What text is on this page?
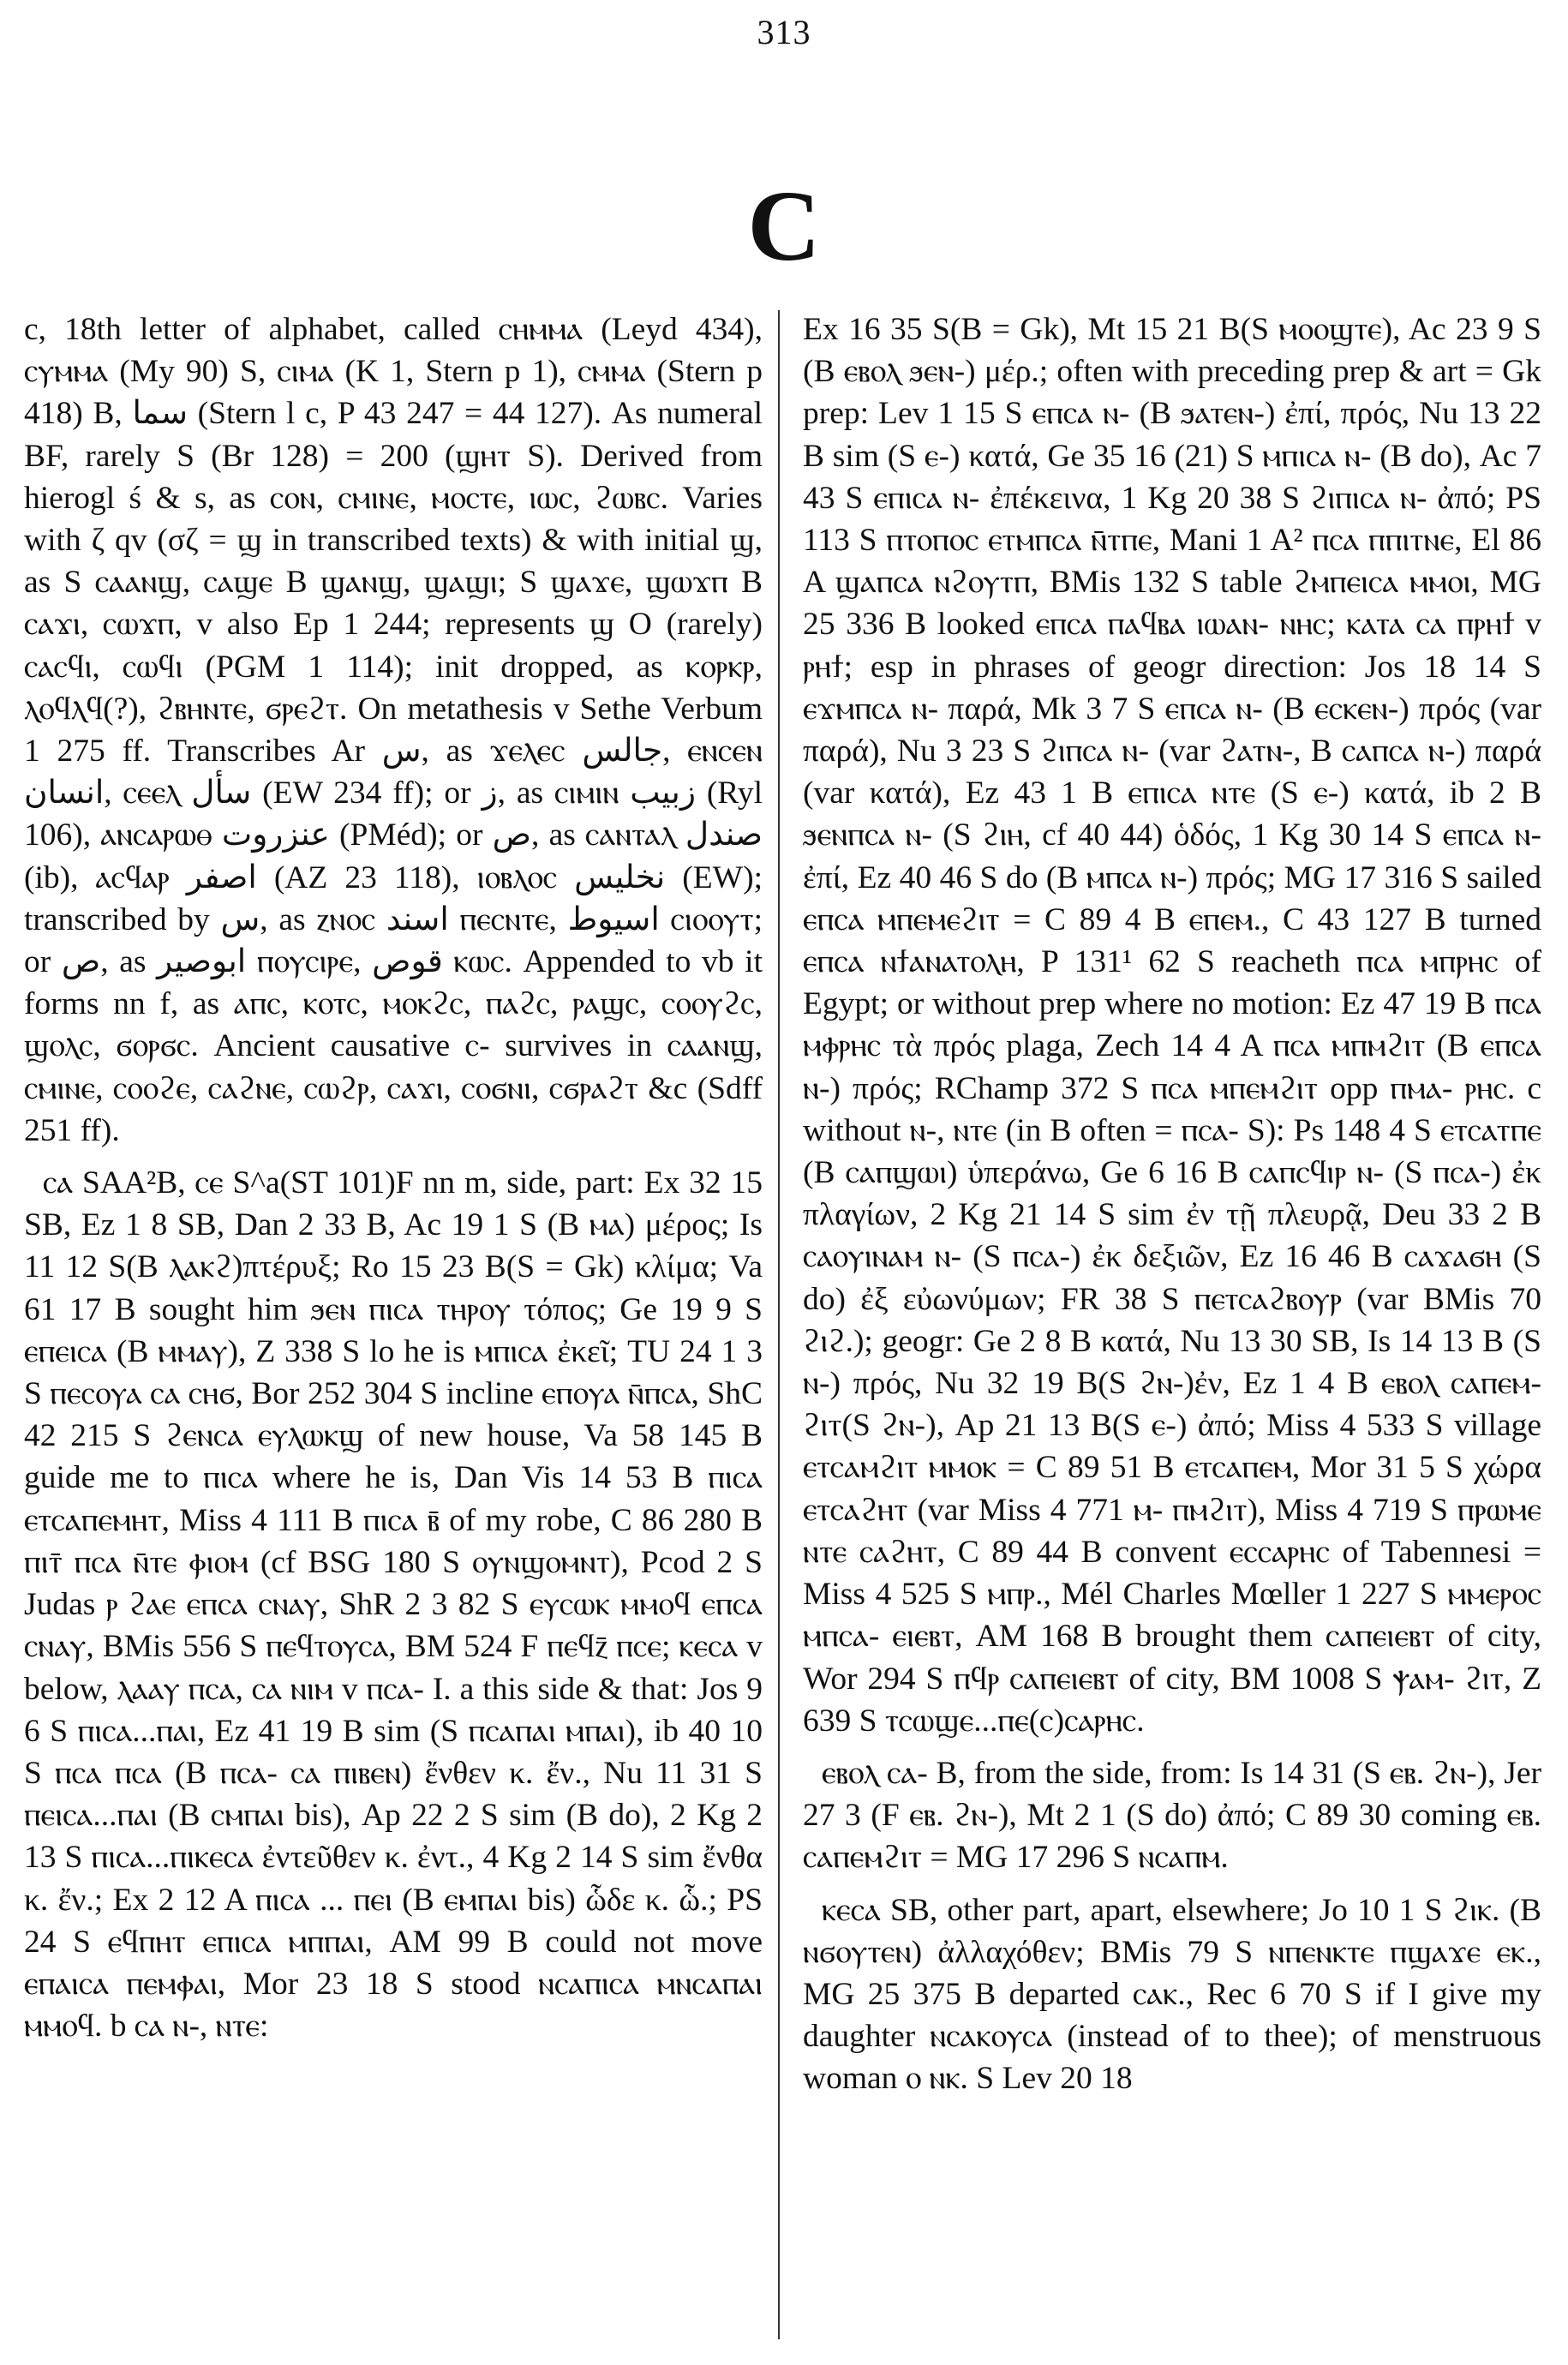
313
C

c, 18th letter of alphabet, called ⲥⲏⲙⲙⲁ (Leyd 434), ⲥⲩⲙⲙⲁ (My 90) S, ⲥⲓⲙⲁ (K 1, Stern p 1), ⲥⲙⲙⲁ (Stern p 418) B, ﺳﻤﺎ (Stern l c, P 43 247 = 44 127). As numeral BF, rarely S (Br 128) = 200 (ϣⲏⲧ S). Derived from hierogl ś & s, as ⲥⲟⲛ, ⲥⲙⲓⲛⲉ, ⲙⲟⲥⲧⲉ, ⲓⲱⲥ, ϩⲱⲃⲥ. Varies with ζ qv (σζ = ϣ in transcribed texts) & with initial ϣ, as S ⲥⲁⲁⲛϣ, ⲥⲁϣⲉ B ϣⲁⲛϣ, ϣⲁϣⲓ; S ϣⲁϫⲉ, ϣⲱϫⲡ B ⲥⲁϫⲓ, ⲥⲱϫⲡ, v also Ep 1 244; represents ϣ O (rarely) ⲥⲁⲥϥⲓ, ⲥⲱϥⲓ (PGM 1 114); init dropped, as ⲕⲟⲣⲕⲣ, ⲗⲟϥⲗϥ(?), ϩⲃⲏⲛⲧⲉ, ϭⲣⲉϩⲧ. On metathesis v Sethe Verbum 1 275 ff. Transcribes Ar س, as ϫⲉⲗⲉⲥ جالس, ⲉⲛⲥⲉⲛ انسان, ⲥⲉⲉⲗ سأل (EW 234 ff); or ز, as ⲥⲓⲙⲓⲛ زبيب (Ryl 106), ⲁⲛⲥⲁⲣⲱⲑ عنزروت (PMéd); or ص, as ⲥⲁⲛⲧⲁⲗ صندل (ib), ⲁⲥϥⲁⲣ اصفر (AZ 23 118), ⲓⲟⲃⲗⲟⲥ نخليس (EW); transcribed by س, as ⲍⲛⲟⲥ اسند ⲡⲉⲥⲛⲧⲉ, اسيوط ⲥⲓⲟⲟⲩⲧ; or ص, as ابوصير ⲡⲟⲩⲥⲓⲣⲉ, قوص ⲕⲱⲥ. Appended to vb it forms nn f, as ⲁⲡⲥ, ⲕⲟⲧⲥ, ⲙⲟⲕϩⲥ, ⲡⲁϩⲥ, ⲣⲁϣⲥ, ⲥⲟⲟⲩϩⲥ, ϣⲟⲗⲥ, ϭⲟⲣϭⲥ. Ancient causative ⲥ- survives in ⲥⲁⲁⲛϣ, ⲥⲙⲓⲛⲉ, ⲥⲟⲟϩⲉ, ⲥⲁϩⲛⲉ, ⲥⲱϩⲣ, ⲥⲁϫⲓ, ⲥⲟϭⲛⲓ, ⲥϭⲣⲁϩⲧ &c (Sdff 251 ff).

ⲥⲁ SAA²B, ⲥⲉ S^a(ST 101)F nn m, side, part: Ex 32 15 SB, Ez 1 8 SB, Dan 2 33 B, Ac 19 1 S (B ⲙⲁ) μέρος; Is 11 12 S(B ⲗⲁⲕϩ)πτέρυξ; Ro 15 23 B(S = Gk) κλίμα; Va 61 17 B sought him ϧⲉⲛ ⲡⲓⲥⲁ ⲧⲏⲣⲟⲩ τόπος; Ge 19 9 S ⲉⲡⲉⲓⲥⲁ (B ⲙⲙⲁⲩ), Z 338 S lo he is ⲙⲡⲓⲥⲁ ἐκεῖ; TU 24 1 3 S ⲡⲉⲥⲟⲩⲁ ⲥⲁ ⲥⲏϭ, Bor 252 304 S incline ⲉⲡⲟⲩⲁ ⲛ̄ⲡⲥⲁ, ShC 42 215 S ϩⲉⲛⲥⲁ ⲉⲩⲗⲱⲕϣ of new house, Va 58 145 B guide me to ⲡⲓⲥⲁ where he is, Dan Vis 14 53 B ⲡⲓⲥⲁ ⲉⲧⲥⲁⲡⲉⲙⲏⲧ, Miss 4 111 B ⲡⲓⲥⲁ ⲃ̄ of my robe, C 86 280 B ⲡⲓⲧ̄ ⲡⲥⲁ ⲛ̄ⲧⲉ ⲫⲓⲟⲙ (cf BSG 180 S ⲟⲩⲛϣⲟⲙⲛⲧ), Pcod 2 S Judas ⲣ ϩⲁⲉ ⲉⲡⲥⲁ ⲥⲛⲁⲩ, ShR 2 3 82 S ⲉⲩⲥⲱⲕ ⲙⲙⲟϥ ⲉⲡⲥⲁ ⲥⲛⲁⲩ, BMis 556 S ⲡⲉϥⲧⲟⲩⲥⲁ, BM 524 F ⲡⲉϥⲍ̄ ⲡⲥⲉ; ⲕⲉⲥⲁ v below, ⲗⲁⲁⲩ ⲡⲥⲁ, ⲥⲁ ⲛⲓⲙ v ⲡⲥⲁ- I. a this side & that: Jos 9 6 S ⲡⲓⲥⲁ...ⲡⲁⲓ, Ez 41 19 B sim (S ⲡⲥⲁⲡⲁⲓ ⲙⲡⲁⲓ), ib 40 10 S ⲡⲥⲁ ⲡⲥⲁ (B ⲡⲥⲁ- ⲥⲁ ⲡⲓⲃⲉⲛ) ἔνθεν κ. ἔν., Nu 11 31 S ⲡⲉⲓⲥⲁ...ⲡⲁⲓ (B ⲥⲙⲡⲁⲓ bis), Ap 22 2 S sim (B do), 2 Kg 2 13 S ⲡⲓⲥⲁ...ⲡⲓⲕⲉⲥⲁ ἐντεῦθεν κ. ἐντ., 4 Kg 2 14 S sim ἔνθα κ. ἔν.; Ex 2 12 A ⲡⲓⲥⲁ ... ⲡⲉⲓ (B ⲉⲙⲡⲁⲓ bis) ὧδε κ. ὧ.; PS 24 S ⲉϥⲡⲏⲧ ⲉⲡⲓⲥⲁ ⲙⲡⲡⲁⲓ, AM 99 B could not move ⲉⲡⲁⲓⲥⲁ ⲡⲉⲙⲫⲁⲓ, Mor 23 18 S stood ⲛⲥⲁⲡⲓⲥⲁ ⲙⲛⲥⲁⲡⲁⲓ ⲙⲙⲟϥ. b ⲥⲁ ⲛ-, ⲛⲧⲉ:

Ex 16 35 S(B = Gk), Mt 15 21 B(S ⲙⲟⲟϣⲧⲉ), Ac 23 9 S (B ⲉⲃⲟⲗ ϧⲉⲛ-) μέρ.; often with preceding prep & art = Gk prep: Lev 1 15 S ⲉⲡⲥⲁ ⲛ- (B ϧⲁⲧⲉⲛ-) ἐπί, πρός, Nu 13 22 B sim (S ⲉ-) κατά, Ge 35 16 (21) S ⲙⲡⲓⲥⲁ ⲛ- (B do), Ac 7 43 S ⲉⲡⲓⲥⲁ ⲛ- ἐπέκεινα, 1 Kg 20 38 S ϩⲓⲡⲓⲥⲁ ⲛ- ἀπό; PS 113 S ⲡⲧⲟⲡⲟⲥ ⲉⲧⲙⲡⲥⲁ ⲛ̄ⲧⲡⲉ, Mani 1 A² ⲡⲥⲁ ⲡⲡⲓⲧⲛⲉ, El 86 A ϣⲁⲡⲥⲁ ⲛϩⲟⲩⲧⲡ, BMis 132 S table ϩⲙⲡⲉⲓⲥⲁ ⲙⲙⲟⲓ, MG 25 336 B looked ⲉⲡⲥⲁ ⲡⲁϥⲃⲁ ⲓⲱⲁⲛ- ⲛⲏⲥ; ⲕⲁⲧⲁ ⲥⲁ ⲡⲣⲏϯ v ⲣⲏϯ; esp in phrases of geogr direction: Jos 18 14 S ⲉϫⲙⲡⲥⲁ ⲛ- παρά, Mk 3 7 S ⲉⲡⲥⲁ ⲛ- (B ⲉⲥⲕⲉⲛ-) πρός (var παρά), Nu 3 23 S ϩⲓⲡⲥⲁ ⲛ- (var ϩⲁⲧⲛ-, B ⲥⲁⲡⲥⲁ ⲛ-) παρά (var κατά), Ez 43 1 B ⲉⲡⲓⲥⲁ ⲛⲧⲉ (S ⲉ-) κατά, ib 2 B ϧⲉⲛⲡⲥⲁ ⲛ- (S ϩⲓⲏ, cf 40 44) ὁδός, 1 Kg 30 14 S ⲉⲡⲥⲁ ⲛ- ἐπί, Ez 40 46 S do (B ⲙⲡⲥⲁ ⲛ-) πρός; MG 17 316 S sailed ⲉⲡⲥⲁ ⲙⲡⲉⲙⲉϩⲓⲧ = C 89 4 B ⲉⲡⲉⲙ., C 43 127 B turned ⲉⲡⲥⲁ ⲛϯⲁⲛⲁⲧⲟⲗⲏ, P 131¹ 62 S reacheth ⲡⲥⲁ ⲙⲡⲣⲏⲥ of Egypt; or without prep where no motion: Ez 47 19 B ⲡⲥⲁ ⲙⲫⲣⲏⲥ τὰ πρός plaga, Zech 14 4 A ⲡⲥⲁ ⲙⲡⲙϩⲓⲧ (B ⲉⲡⲥⲁ ⲛ-) πρός; RChamp 372 S ⲡⲥⲁ ⲙⲡⲉⲙϩⲓⲧ opp ⲡⲙⲁ- ⲣⲏⲥ. c without ⲛ-, ⲛⲧⲉ (in B often = ⲡⲥⲁ- S): Ps 148 4 S ⲉⲧⲥⲁⲧⲡⲉ (B ⲥⲁⲡϣⲱⲓ) ὑπεράνω, Ge 6 16 B ⲥⲁⲡⲥϥⲓⲣ ⲛ- (S ⲡⲥⲁ-) ἐκ πλαγίων, 2 Kg 21 14 S sim ἐν τῇ πλευρᾷ, Deu 33 2 B ⲥⲁⲟⲩⲓⲛⲁⲙ ⲛ- (S ⲡⲥⲁ-) ἐκ δεξιῶν, Ez 16 46 B ⲥⲁϫⲁϭⲏ (S do) ἐξ εὐωνύμων; FR 38 S ⲡⲉⲧⲥⲁϩⲃⲟⲩⲣ (var BMis 70 ϩⲓϩ.); geogr: Ge 2 8 B κατά, Nu 13 30 SB, Is 14 13 B (S ⲛ-) πρός, Nu 32 19 B(S ϩⲛ-)ἐν, Ez 1 4 B ⲉⲃⲟⲗ ⲥⲁⲡⲉⲙ- ϩⲓⲧ(S ϩⲛ-), Ap 21 13 B(S ⲉ-) ἀπό; Miss 4 533 S village ⲉⲧⲥⲁⲙϩⲓⲧ ⲙⲙⲟⲕ = C 89 51 B ⲉⲧⲥⲁⲡⲉⲙ, Mor 31 5 S χώρα ⲉⲧⲥⲁϩⲏⲧ (var Miss 4 771 ⲙ- ⲡⲙϩⲓⲧ), Miss 4 719 S ⲡⲣⲱⲙⲉ ⲛⲧⲉ ⲥⲁϩⲏⲧ, C 89 44 B convent ⲉⲥⲥⲁⲣⲏⲥ of Tabennesi = Miss 4 525 S ⲙⲡⲣ., Mél Charles Mœller 1 227 S ⲙⲙⲉⲣⲟⲥ ⲙⲡⲥⲁ- ⲉⲓⲉⲃⲧ, AM 168 B brought them ⲥⲁⲡⲉⲓⲉⲃⲧ of city, Wor 294 S ⲡϥⲣ ⲥⲁⲡⲉⲓⲉⲃⲧ of city, BM 1008 S ⲯⲁⲙ- ϩⲓⲧ, Z 639 S ⲧⲥⲱϣⲉ...ⲡⲉ(ⲥ)ⲥⲁⲣⲏⲥ.

ⲉⲃⲟⲗ ⲥⲁ- B, from the side, from: Is 14 31 (S ⲉⲃ. ϩⲛ-), Jer 27 3 (F ⲉⲃ. ϩⲛ-), Mt 2 1 (S do) ἀπό; C 89 30 coming ⲉⲃ. ⲥⲁⲡⲉⲙϩⲓⲧ = MG 17 296 S ⲛⲥⲁⲡⲙ.

ⲕⲉⲥⲁ SB, other part, apart, elsewhere; Jo 10 1 S ϩⲓⲕ. (B ⲛϭⲟⲩⲧⲉⲛ) ἀλλαχόθεν; BMis 79 S ⲛⲡⲉⲛⲕⲧⲉ ⲡϣⲁϫⲉ ⲉⲕ., MG 25 375 B departed ⲥⲁⲕ., Rec 6 70 S if I give my daughter ⲛⲥⲁⲕⲟⲩⲥⲁ (instead of to thee); of menstruous woman ⲟ ⲛⲕ. S Lev 20 18
